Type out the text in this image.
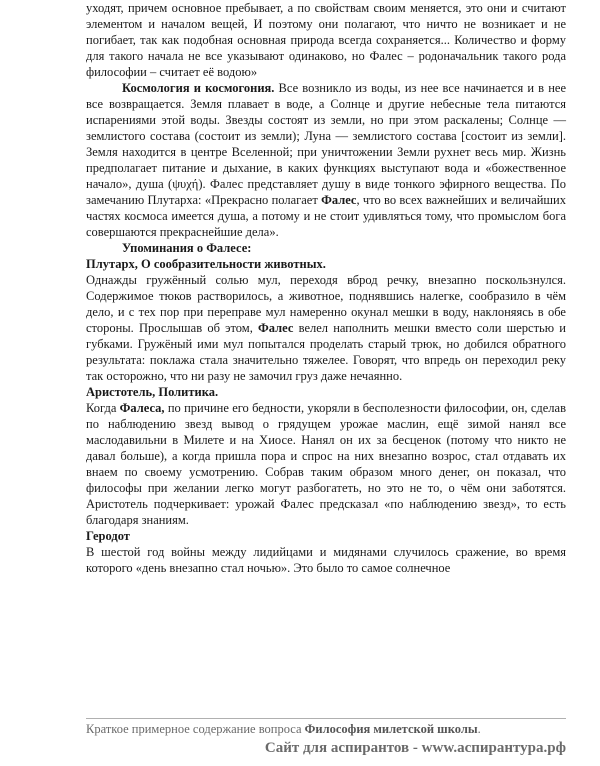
уходят, причем основное пребывает, а по свойствам своим меняется, это они и считают элементом и началом вещей, И поэтому они полагают, что ничто не возникает и не погибает, так как подобная основная природа всегда сохраняется... Количество и форму для такого начала не все указывают одинаково, но Фалес – родоначальник такого рода философии – считает её водою»

Космология и космогония. Все возникло из воды, из нее все начинается и в нее все возвращается. Земля плавает в воде, а Солнце и другие небесные тела питаются испарениями этой воды. Звезды состоят из земли, но при этом раскалены; Солнце — землистого состава (состоит из земли); Луна — землистого состава [состоит из земли]. Земля находится в центре Вселенной; при уничтожении Земли рухнет весь мир. Жизнь предполагает питание и дыхание, в каких функциях выступают вода и «божественное начало», душа (ψυχή). Фалес представляет душу в виде тонкого эфирного вещества. По замечанию Плутарха: «Прекрасно полагает Фалес, что во всех важнейших и величайших частях космоса имеется душа, а потому и не стоит удивляться тому, что промыслом бога совершаются прекраснейшие дела».

Упоминания о Фалесе:

Плутарх, О сообразительности животных.

Однажды гружённый солью мул, переходя вброд речку, внезапно поскользнулся. Содержимое тюков растворилось, а животное, поднявшись налегке, сообразило в чём дело, и с тех пор при переправе мул намеренно окунал мешки в воду, наклоняясь в обе стороны. Прослышав об этом, Фалес велел наполнить мешки вместо соли шерстью и губками. Гружёный ими мул попытался проделать старый трюк, но добился обратного результата: поклажа стала значительно тяжелее. Говорят, что впредь он переходил реку так осторожно, что ни разу не замочил груз даже нечаянно.

Аристотель, Политика.

Когда Фалеса, по причине его бедности, укоряли в бесполезности философии, он, сделав по наблюдению звезд вывод о грядущем урожае маслин, ещё зимой нанял все маслодавильни в Милете и на Хиосе. Нанял он их за бесценок (потому что никто не давал больше), а когда пришла пора и спрос на них внезапно возрос, стал отдавать их внаем по своему усмотрению. Собрав таким образом много денег, он показал, что философы при желании легко могут разбогатеть, но это не то, о чём они заботятся. Аристотель подчеркивает: урожай Фалес предсказал «по наблюдению звезд», то есть благодаря знаниям.

Геродот

В шестой год войны между лидийцами и мидянами случилось сражение, во время которого «день внезапно стал ночью». Это было то самое солнечное

Краткое примерное содержание вопроса Философия милетской школы.
Сайт для аспирантов - www.аспирантура.рф
